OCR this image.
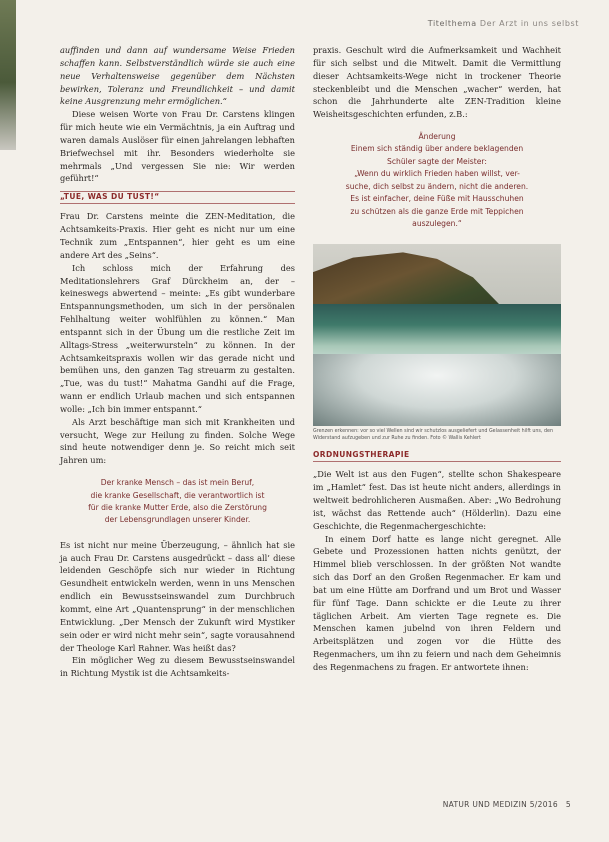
Titelthema Der Arzt in uns selbst

auffinden und dann auf wundersame Weise Frieden schaffen kann. Selbstverständlich würde sie auch eine neue Verhaltensweise gegenüber dem Nächsten bewirken, Toleranz und Freundlichkeit – und damit keine Ausgrenzung mehr ermöglichen.“

Diese weisen Worte von Frau Dr. Carstens klingen für mich heute wie ein Vermächtnis, ja ein Auftrag und waren damals Auslöser für einen jahrelangen lebhaften Briefwechsel mit ihr. Besonders wiederholte sie mehrmals „Und vergessen Sie nie: Wir werden geführt!“

„TUE, WAS DU TUST!“

Frau Dr. Carstens meinte die ZEN-Meditation, die Achtsamkeits-Praxis. Hier geht es nicht nur um eine Technik zum „Entspannen“, hier geht es um eine andere Art des „Seins“.

Ich schloss mich der Erfahrung des Meditationslehrers Graf Dürckheim an, der – keineswegs abwertend – meinte: „Es gibt wunderbare Entspannungsmethoden, um sich in der persönalen Fehlhaltung weiter wohlfühlen zu können.“ Man entspannt sich in der Übung um die restliche Zeit im Alltags-Stress „weiterwursteln“ zu können. In der Achtsamkeitspraxis wollen wir das gerade nicht und bemühen uns, den ganzen Tag streuarm zu gestalten. „Tue, was du tust!“ Mahatma Gandhi auf die Frage, wann er endlich Urlaub machen und sich entspannen wolle: „Ich bin immer entspannt.“

Als Arzt beschäftige man sich mit Krankheiten und versucht, Wege zur Heilung zu finden. Solche Wege sind heute notwendiger denn je. So reicht mich seit Jahren um:

Der kranke Mensch – das ist mein Beruf,
die kranke Gesellschaft, die verantwortlich ist
für die kranke Mutter Erde, also die Zerstörung
der Lebensgrundlagen unserer Kinder.

Es ist nicht nur meine Überzeugung, – ähnlich hat sie ja auch Frau Dr. Carstens ausgedrückt – dass all’ diese leidenden Geschöpfe sich nur wieder in Richtung Gesundheit entwickeln werden, wenn in uns Menschen endlich ein Bewusstseinswandel zum Durchbruch kommt, eine Art „Quantensprung“ in der menschlichen Entwicklung. „Der Mensch der Zukunft wird Mystiker sein oder er wird nicht mehr sein“, sagte vorausahnend der Theologe Karl Rahner. Was heißt das?

Ein möglicher Weg zu diesem Bewusstseinswandel in Richtung Mystik ist die Achtsamkeits-

praxis. Geschult wird die Aufmerksamkeit und Wachheit für sich selbst und die Mitwelt. Damit die Vermittlung dieser Achtsamkeits-Wege nicht in trockener Theorie steckenbleibt und die Menschen „wacher“ werden, hat schon die Jahrhunderte alte ZEN-Tradition kleine Weisheitsgeschichten erfunden, z.B.:

Änderung
Einem sich ständig über andere beklagenden
Schüler sagte der Meister:
„Wenn du wirklich Frieden haben willst, ver-
suche, dich selbst zu ändern, nicht die anderen.
Es ist einfacher, deine Füße mit Hausschuhen
zu schützen als die ganze Erde mit Teppichen
auszulegen.“
Grenzen erkennen: vor so viel Wellen sind wir schutzlos ausgeliefert und Gelassenheit hilft uns, den Widerstand aufzugeben und zur Ruhe zu finden. Foto © Wallis Kehlert
ORDNUNGSTHERAPIE

„Die Welt ist aus den Fugen“, stellte schon Shakespeare im „Hamlet“ fest. Das ist heute nicht anders, allerdings in weltweit bedrohlicheren Ausmaßen. Aber: „Wo Bedrohung ist, wächst das Rettende auch“ (Hölderlin). Dazu eine Geschichte, die Regenmachergeschichte:

In einem Dorf hatte es lange nicht geregnet. Alle Gebete und Prozessionen hatten nichts genützt, der Himmel blieb verschlossen. In der größten Not wandte sich das Dorf an den Großen Regenmacher. Er kam und bat um eine Hütte am Dorfrand und um Brot und Wasser für fünf Tage. Dann schickte er die Leute zu ihrer täglichen Arbeit. Am vierten Tage regnete es. Die Menschen kamen jubelnd von ihren Feldern und Arbeitsplätzen und zogen vor die Hütte des Regenmachers, um ihn zu feiern und nach dem Geheimnis des Regenmachens zu fragen. Er antwortete ihnen:

NATUR UND MEDIZIN 5/2016 5
